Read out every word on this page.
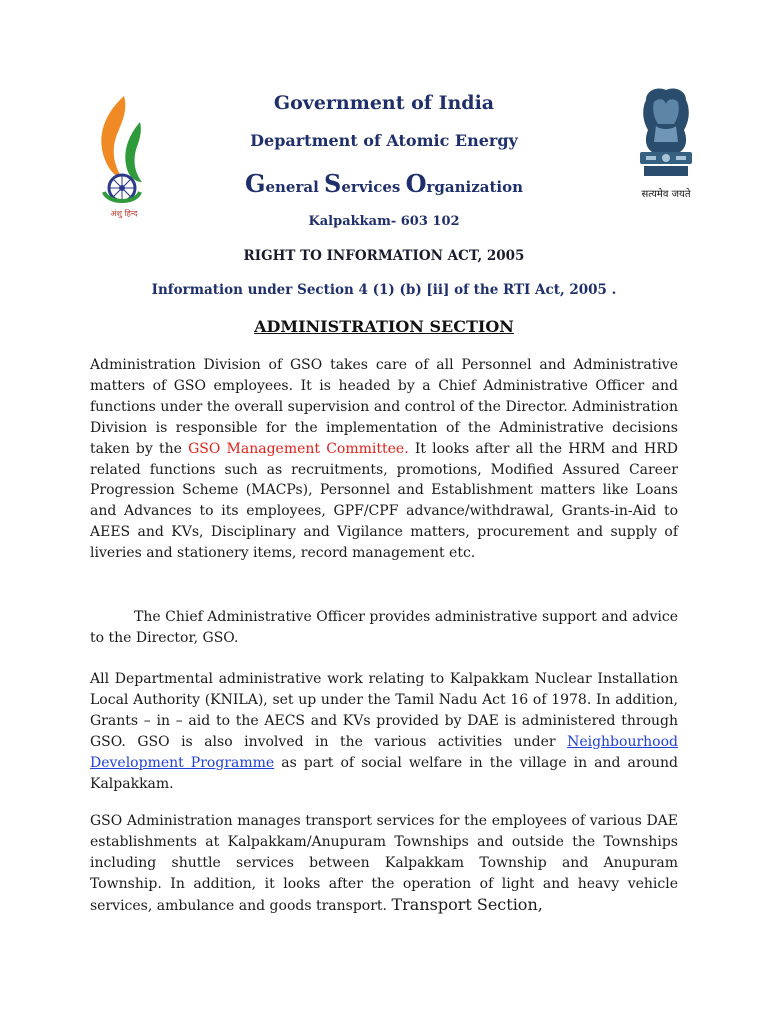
अंशु हिन्द
सत्यमेव जयते
Government of India
Department of Atomic Energy
General Services Organization
Kalpakkam- 603 102
RIGHT TO INFORMATION ACT, 2005
Information under Section 4 (1) (b) [ii] of the RTI Act, 2005 .
ADMINISTRATION SECTION

Administration Division of GSO takes care of all Personnel and Administrative matters of GSO employees. It is headed by a Chief Administrative Officer and functions under the overall supervision and control of the Director. Administration Division is responsible for the implementation of the Administrative decisions taken by the GSO Management Committee. It looks after all the HRM and HRD related functions such as recruitments, promotions, Modified Assured Career Progression Scheme (MACPs), Personnel and Establishment matters like Loans and Advances to its employees, GPF/CPF advance/withdrawal, Grants-in-Aid to AEES and KVs, Disciplinary and Vigilance matters, procurement and supply of liveries and stationery items, record management etc.

The Chief Administrative Officer provides administrative support and advice to the Director, GSO.

All Departmental administrative work relating to Kalpakkam Nuclear Installation Local Authority (KNILA), set up under the Tamil Nadu Act 16 of 1978. In addition, Grants – in – aid to the AECS and KVs provided by DAE is administered through GSO. GSO is also involved in the various activities under Neighbourhood Development Programme as part of social welfare in the village in and around Kalpakkam.

GSO Administration manages transport services for the employees of various DAE establishments at Kalpakkam/Anupuram Townships and outside the Townships including shuttle services between Kalpakkam Township and Anupuram Township. In addition, it looks after the operation of light and heavy vehicle services, ambulance and goods transport. Transport Section,
